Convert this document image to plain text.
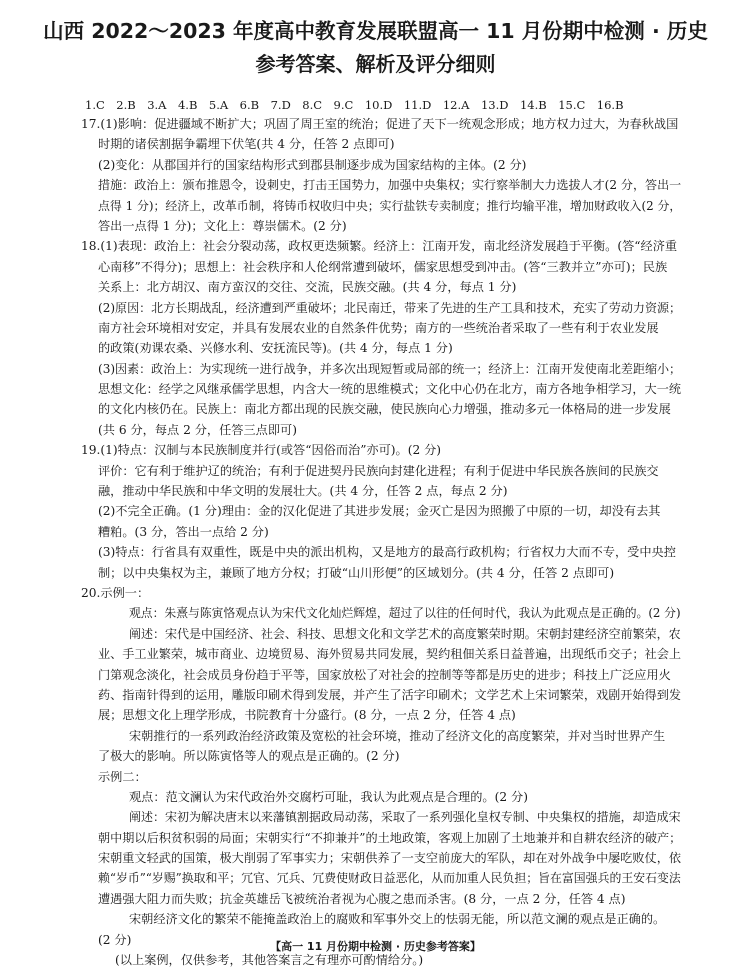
山西 2022～2023 年度高中教育发展联盟高一 11 月份期中检测 · 历史
参考答案、解析及评分细则
1.C　2.B　3.A　4.B　5.A　6.B　7.D　8.C　9.C　10.D　11.D　12.A　13.D　14.B　15.C　16.B
17.(1)影响：促进疆域不断扩大；巩固了周王室的统治；促进了天下一统观念形成；地方权力过大，为春秋战国
时期的诸侯割据争霸埋下伏笔(共 4 分，任答 2 点即可)
(2)变化：从郡国并行的国家结构形式到郡县制逐步成为国家结构的主体。(2 分)
措施：政治上：颁布推恩令，设刺史，打击王国势力，加强中央集权；实行察举制大力选拔人才(2 分，答出一
点得 1 分)；经济上，改革币制，将铸币权收归中央；实行盐铁专卖制度；推行均输平准，增加财政收入(2 分，
答出一点得 1 分)；文化上：尊崇儒术。(2 分)
18.(1)表现：政治上：社会分裂动荡，政权更迭频繁。经济上：江南开发，南北经济发展趋于平衡。(答“经济重
心南移”不得分)；思想上：社会秩序和人伦纲常遭到破坏，儒家思想受到冲击。(答“三教并立”亦可)；民族
关系上：北方胡汉、南方蛮汉的交往、交流，民族交融。(共 4 分，每点 1 分)
(2)原因：北方长期战乱，经济遭到严重破坏；北民南迁，带来了先进的生产工具和技术，充实了劳动力资源；
南方社会环境相对安定，并具有发展农业的自然条件优势；南方的一些统治者采取了一些有利于农业发展
的政策(劝课农桑、兴修水利、安抚流民等)。(共 4 分，每点 1 分)
(3)因素：政治上：为实现统一进行战争，并多次出现短暂或局部的统一；经济上：江南开发使南北差距缩小；
思想文化：经学之风继承儒学思想，内含大一统的思维模式；文化中心仍在北方，南方各地争相学习，大一统
的文化内核仍在。民族上：南北方都出现的民族交融，使民族向心力增强，推动多元一体格局的进一步发展
(共 6 分，每点 2 分，任答三点即可)
19.(1)特点：汉制与本民族制度并行(或答“因俗而治”亦可)。(2 分)
评价：它有利于维护辽的统治；有利于促进契丹民族向封建化进程；有利于促进中华民族各族间的民族交
融，推动中华民族和中华文明的发展壮大。(共 4 分，任答 2 点，每点 2 分)
(2)不完全正确。(1 分)理由：金的汉化促进了其进步发展；金灭亡是因为照搬了中原的一切，却没有去其
糟粕。(3 分，答出一点给 2 分)
(3)特点：行省具有双重性，既是中央的派出机构，又是地方的最高行政机构；行省权力大而不专，受中央控
制；以中央集权为主，兼顾了地方分权；打破“山川形便”的区域划分。(共 4 分，任答 2 点即可)
20.示例一：
观点：朱熹与陈寅恪观点认为宋代文化灿烂辉煌，超过了以往的任何时代，我认为此观点是正确的。(2 分)
阐述：宋代是中国经济、社会、科技、思想文化和文学艺术的高度繁荣时期。宋朝封建经济空前繁荣，农
业、手工业繁荣，城市商业、边境贸易、海外贸易共同发展，契约租佃关系日益普遍，出现纸币交子；社会上
门第观念淡化，社会成员身份趋于平等，国家放松了对社会的控制等等都是历史的进步；科技上广泛应用火
药、指南针得到的运用，雕版印刷术得到发展，并产生了活字印刷术；文学艺术上宋词繁荣，戏剧开始得到发
展；思想文化上理学形成，书院教育十分盛行。(8 分，一点 2 分，任答 4 点)
宋朝推行的一系列政治经济政策及宽松的社会环境，推动了经济文化的高度繁荣，并对当时世界产生
了极大的影响。所以陈寅恪等人的观点是正确的。(2 分)
示例二：
观点：范文澜认为宋代政治外交腐朽可耻，我认为此观点是合理的。(2 分)
阐述：宋初为解决唐末以来藩镇割据政局动荡，采取了一系列强化皇权专制、中央集权的措施，却造成宋
朝中期以后积贫积弱的局面；宋朝实行“不抑兼并”的土地政策，客观上加剧了土地兼并和自耕农经济的破产；
宋朝重文轻武的国策，极大削弱了军事实力；宋朝供养了一支空前庞大的军队，却在对外战争中屡吃败仗，依
赖“岁币”“岁赐”换取和平；冗官、冗兵、冗费使财政日益恶化，从而加重人民负担；旨在富国强兵的王安石变法
遭遇强大阻力而失败；抗金英雄岳飞被统治者视为心腹之患而杀害。(8 分，一点 2 分，任答 4 点)
宋朝经济文化的繁荣不能掩盖政治上的腐败和军事外交上的怯弱无能，所以范文澜的观点是正确的。
(2 分)
(以上案例，仅供参考，其他答案言之有理亦可酌情给分。)
【高一 11 月份期中检测 · 历史参考答案】
